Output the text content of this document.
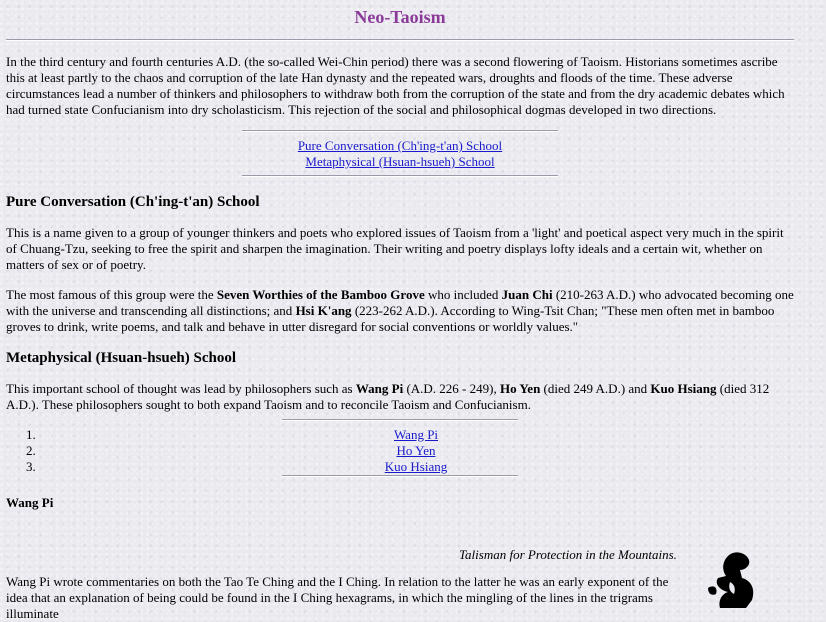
Neo-Taoism

In the third century and fourth centuries A.D. (the so-called Wei-Chin period) there was a second flowering of Taoism. Historians sometimes ascribe this at least partly to the chaos and corruption of the late Han dynasty and the repeated wars, droughts and floods of the time. These adverse circumstances lead a number of thinkers and philosophers to withdraw both from the corruption of the state and from the dry academic debates which had turned state Confucianism into dry scholasticism. This rejection of the social and philosophical dogmas developed in two directions.

Pure Conversation (Ch'ing-t'an) School
Metaphysical (Hsuan-hsueh) School
Pure Conversation (Ch'ing-t'an) School

This is a name given to a group of younger thinkers and poets who explored issues of Taoism from a 'light' and poetical aspect very much in the spirit of Chuang-Tzu, seeking to free the spirit and sharpen the imagination. Their writing and poetry displays lofty ideals and a certain wit, whether on matters of sex or of poetry.

The most famous of this group were the Seven Worthies of the Bamboo Grove who included Juan Chi (210-263 A.D.) who advocated becoming one with the universe and transcending all distinctions; and Hsi K'ang (223-262 A.D.). According to Wing-Tsit Chan; "These men often met in bamboo groves to drink, write poems, and talk and behave in utter disregard for social conventions or worldly values."

Metaphysical (Hsuan-hsueh) School

This important school of thought was lead by philosophers such as Wang Pi (A.D. 226 - 249), Ho Yen (died 249 A.D.) and Kuo Hsiang (died 312 A.D.). These philosophers sought to both expand Taoism and to reconcile Taoism and Confucianism.

1.	Wang Pi
2.	Ho Yen
3.	Kuo Hsiang
Wang Pi
Talisman for Protection in the Mountains.

Wang Pi wrote commentaries on both the Tao Te Ching and the I Ching. In relation to the latter he was an early exponent of the idea that an explanation of being could be found in the I Ching hexagrams, in which the mingling of the lines in the trigrams illuminate
